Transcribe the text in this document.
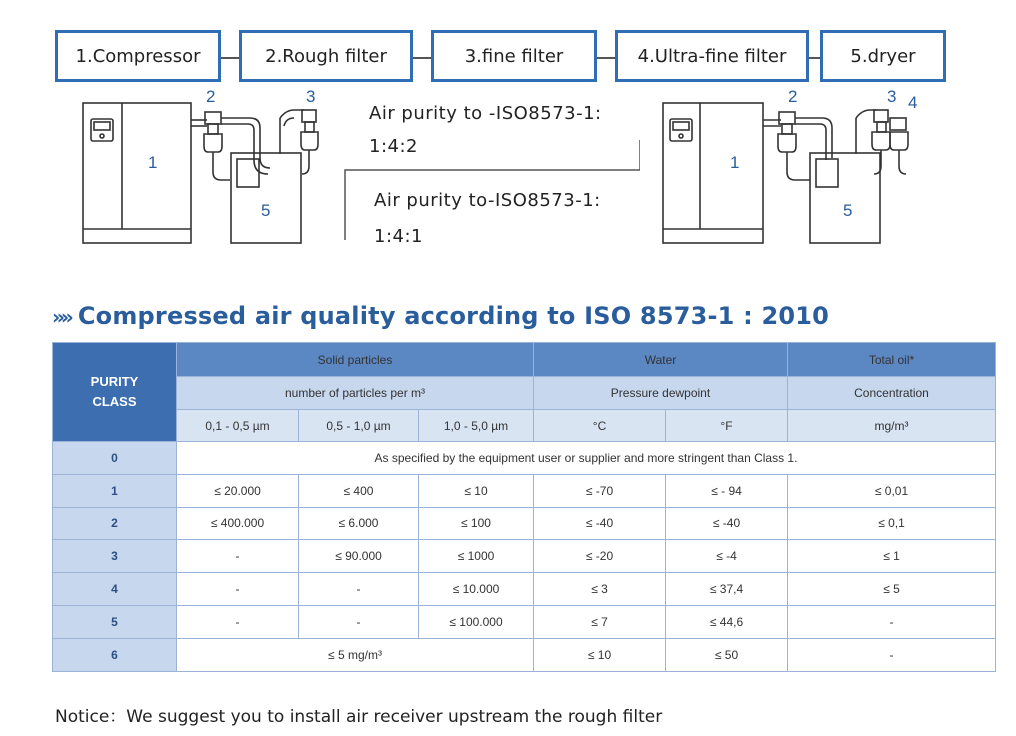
1.Compressor	2.Rough filter	3.fine filter	4.Ultra-fine filter	5.dryer
1
2	3
5
Air purity to -ISO8573-1:
1:4:2
Air purity to-ISO8573-1:
1:4:1
1
2	3 4
5
»» Compressed air quality according to ISO 8573-1 : 2010
PURITY
CLASS	Solid particles			Water		Total oil*
	number of particles per m³			Pressure dewpoint		Concentration
	0,1 - 0,5 µm	0,5 - 1,0 µm	1,0 - 5,0 µm	°C	°F	mg/m³
0	As specified by the equipment user or supplier and more stringent than Class 1.					
1	≤ 20.000	≤ 400	≤ 10	≤ -70	≤ - 94	≤ 0,01
2	≤ 400.000	≤ 6.000	≤ 100	≤ -40	≤ -40	≤ 0,1
3	-	≤ 90.000	≤ 1000	≤ -20	≤ -4	≤ 1
4	-	-	≤ 10.000	≤ 3	≤ 37,4	≤ 5
5	-	-	≤ 100.000	≤ 7	≤ 44,6	-
6	≤ 5 mg/m³			≤ 10	≤ 50	-
Notice：We suggest you to install air receiver upstream the rough filter
